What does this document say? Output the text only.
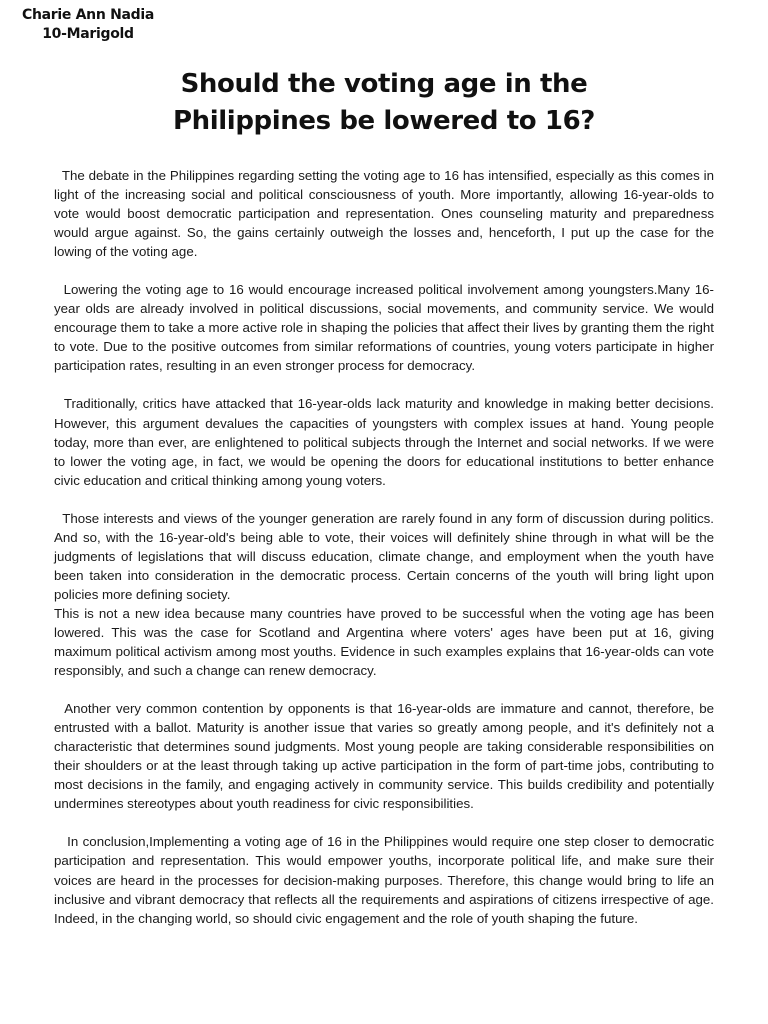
Charie Ann Nadia
10-Marigold
Should the voting age in the
Philippines be lowered to 16?

The debate in the Philippines regarding setting the voting age to 16 has intensified, especially as this comes in light of the increasing social and political consciousness of youth. More importantly, allowing 16-year-olds to vote would boost democratic participation and representation. Ones counseling maturity and preparedness would argue against. So, the gains certainly outweigh the losses and, henceforth, I put up the case for the lowing of the voting age.

Lowering the voting age to 16 would encourage increased political involvement among youngsters.Many 16-year olds are already involved in political discussions, social movements, and community service. We would encourage them to take a more active role in shaping the policies that affect their lives by granting them the right to vote. Due to the positive outcomes from similar reformations of countries, young voters participate in higher participation rates, resulting in an even stronger process for democracy.

Traditionally, critics have attacked that 16-year-olds lack maturity and knowledge in making better decisions. However, this argument devalues the capacities of youngsters with complex issues at hand. Young people today, more than ever, are enlightened to political subjects through the Internet and social networks. If we were to lower the voting age, in fact, we would be opening the doors for educational institutions to better enhance civic education and critical thinking among young voters.

Those interests and views of the younger generation are rarely found in any form of discussion during politics. And so, with the 16-year-old's being able to vote, their voices will definitely shine through in what will be the judgments of legislations that will discuss education, climate change, and employment when the youth have been taken into consideration in the democratic process. Certain concerns of the youth will bring light upon policies more defining society.

This is not a new idea because many countries have proved to be successful when the voting age has been lowered. This was the case for Scotland and Argentina where voters' ages have been put at 16, giving maximum political activism among most youths. Evidence in such examples explains that 16-year-olds can vote responsibly, and such a change can renew democracy.

Another very common contention by opponents is that 16-year-olds are immature and cannot, therefore, be entrusted with a ballot. Maturity is another issue that varies so greatly among people, and it's definitely not a characteristic that determines sound judgments. Most young people are taking considerable responsibilities on their shoulders or at the least through taking up active participation in the form of part-time jobs, contributing to most decisions in the family, and engaging actively in community service. This builds credibility and potentially undermines stereotypes about youth readiness for civic responsibilities.

In conclusion,Implementing a voting age of 16 in the Philippines would require one step closer to democratic participation and representation. This would empower youths, incorporate political life, and make sure their voices are heard in the processes for decision-making purposes. Therefore, this change would bring to life an inclusive and vibrant democracy that reflects all the requirements and aspirations of citizens irrespective of age. Indeed, in the changing world, so should civic engagement and the role of youth shaping the future.
